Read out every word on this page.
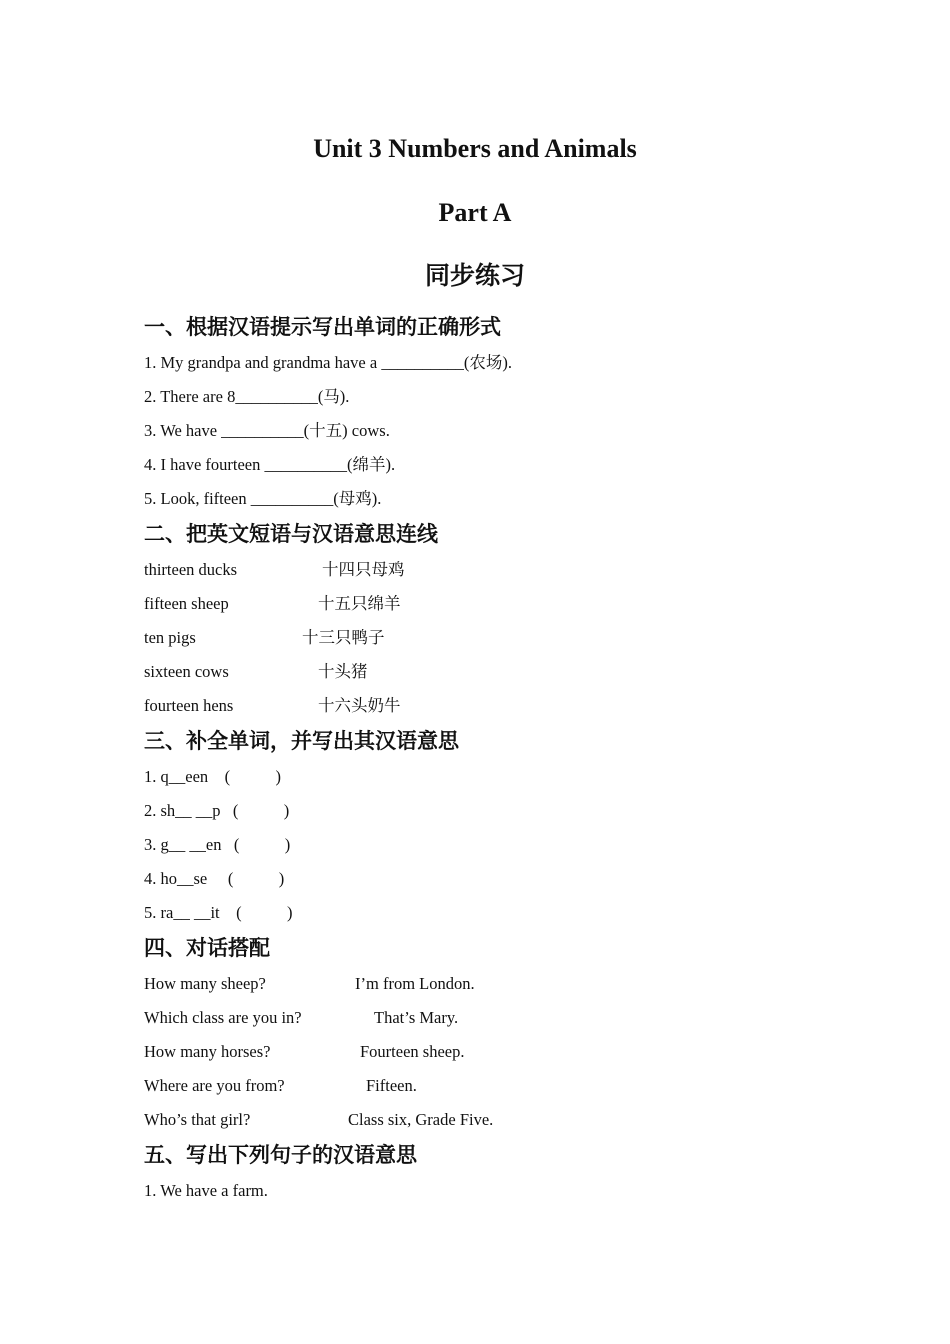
Unit 3 Numbers and Animals
Part A
同步练习
一、根据汉语提示写出单词的正确形式
1. My grandpa and grandma have a __________(农场).
2. There are 8__________(马).
3. We have __________(十五) cows.
4. I have fourteen __________(绵羊).
5. Look, fifteen __________(母鸡).
二、把英文短语与汉语意思连线
thirteen ducks	十四只母鸡
fifteen sheep	十五只绵羊
ten pigs	十三只鸭子
sixteen cows	十头猪
fourteen hens	十六头奶牛
三、补全单词，并写出其汉语意思
1. q__een    (           )
2. sh__ __p   (           )
3. g__ __en   (           )
4. ho__se     (           )
5. ra__ __it    (           )
四、对话搭配
How many sheep?	I’m from London.
Which class are you in?	That’s Mary.
How many horses?	Fourteen sheep.
Where are you from?	Fifteen.
Who’s that girl?	Class six, Grade Five.
五、写出下列句子的汉语意思
1. We have a farm.
